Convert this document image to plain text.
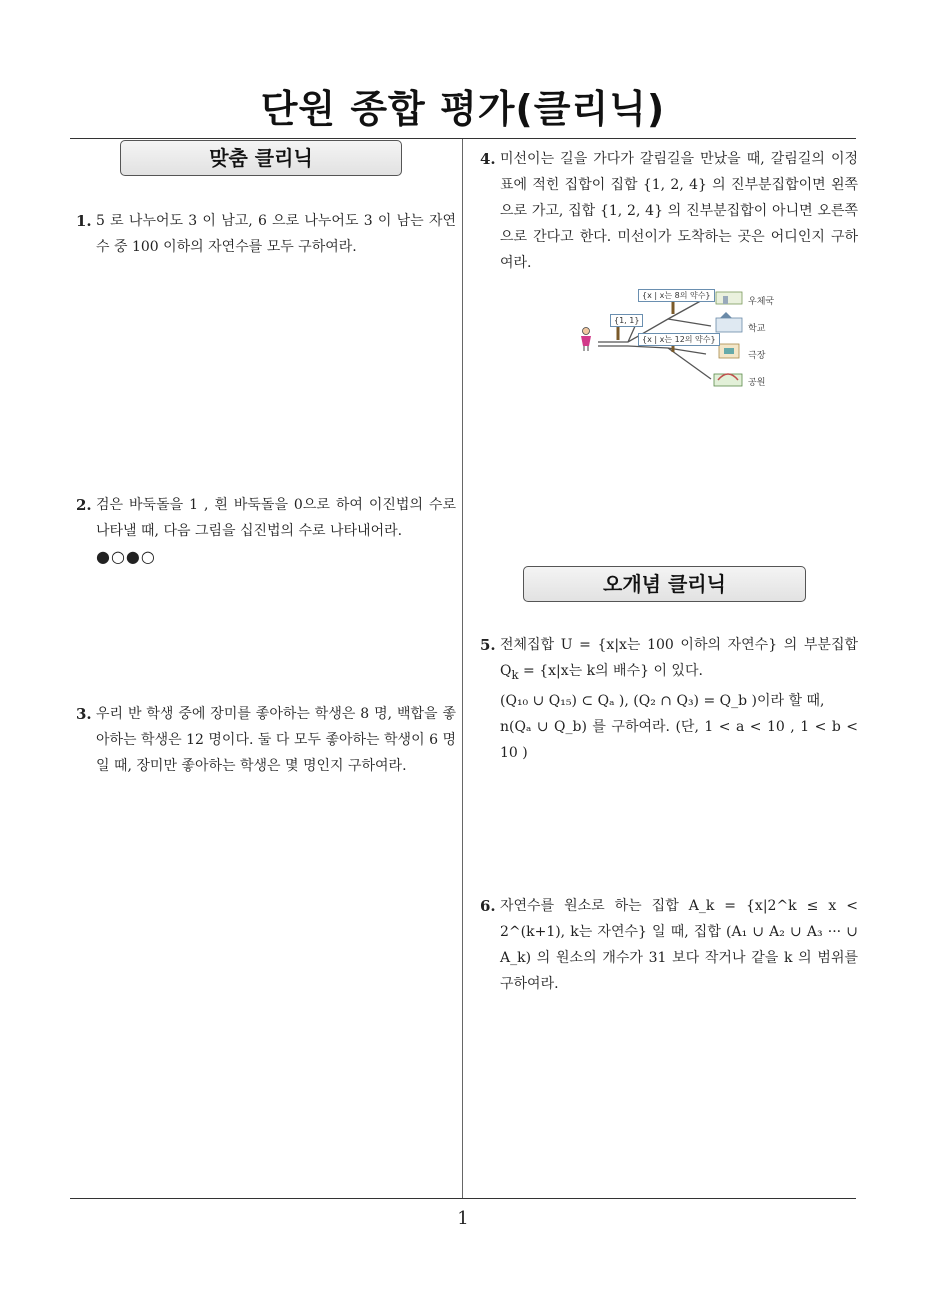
단원 종합 평가(클리닉)
맞춤 클리닉
1. 5 로 나누어도 3 이 남고, 6 으로 나누어도 3 이 남는 자연수 중 100 이하의 자연수를 모두 구하여라.
2. 검은 바둑돌을 1 , 흰 바둑돌을 0으로 하여 이진법의 수로 나타낼 때, 다음 그림을 십진법의 수로 나타내어라.
●○●○
3. 우리 반 학생 중에 장미를 좋아하는 학생은 8 명, 백합을 좋아하는 학생은 12 명이다. 둘 다 모두 좋아하는 학생이 6 명일 때, 장미만 좋아하는 학생은 몇 명인지 구하여라.
4. 미선이는 길을 가다가 갈림길을 만났을 때, 갈림길의 이정표에 적힌 집합이 집합 {1, 2, 4} 의 진부분집합이면 왼쪽으로 가고, 집합 {1, 2, 4} 의 진부분집합이 아니면 오른쪽으로 간다고 한다. 미선이가 도착하는 곳은 어디인지 구하여라.
{1, 1}
{x | x는 8의 약수}
{x | x는 12의 약수}
우체국
학교
극장
공원
오개념 클리닉
5. 전체집합 U = {x|x는 100 이하의 자연수} 의 부분집합 $Q_k = \{x|x$는 k의 배수} 이 있다.
(Q₁₀ ∪ Q₁₅) ⊂ Qₐ ), (Q₂ ∩ Q₃) = Q_b )이라 할 때,
n(Qₐ ∪ Q_b) 를 구하여라. (단, 1 < a < 10 , 1 < b < 10 )
6. 자연수를 원소로 하는 집합 A_k = {x|2^k ≤ x < 2^(k+1), k는 자연수} 일 때, 집합 (A₁ ∪ A₂ ∪ A₃ ··· ∪ A_k) 의 원소의 개수가 31 보다 작거나 같을 k 의 범위를 구하여라.
1
